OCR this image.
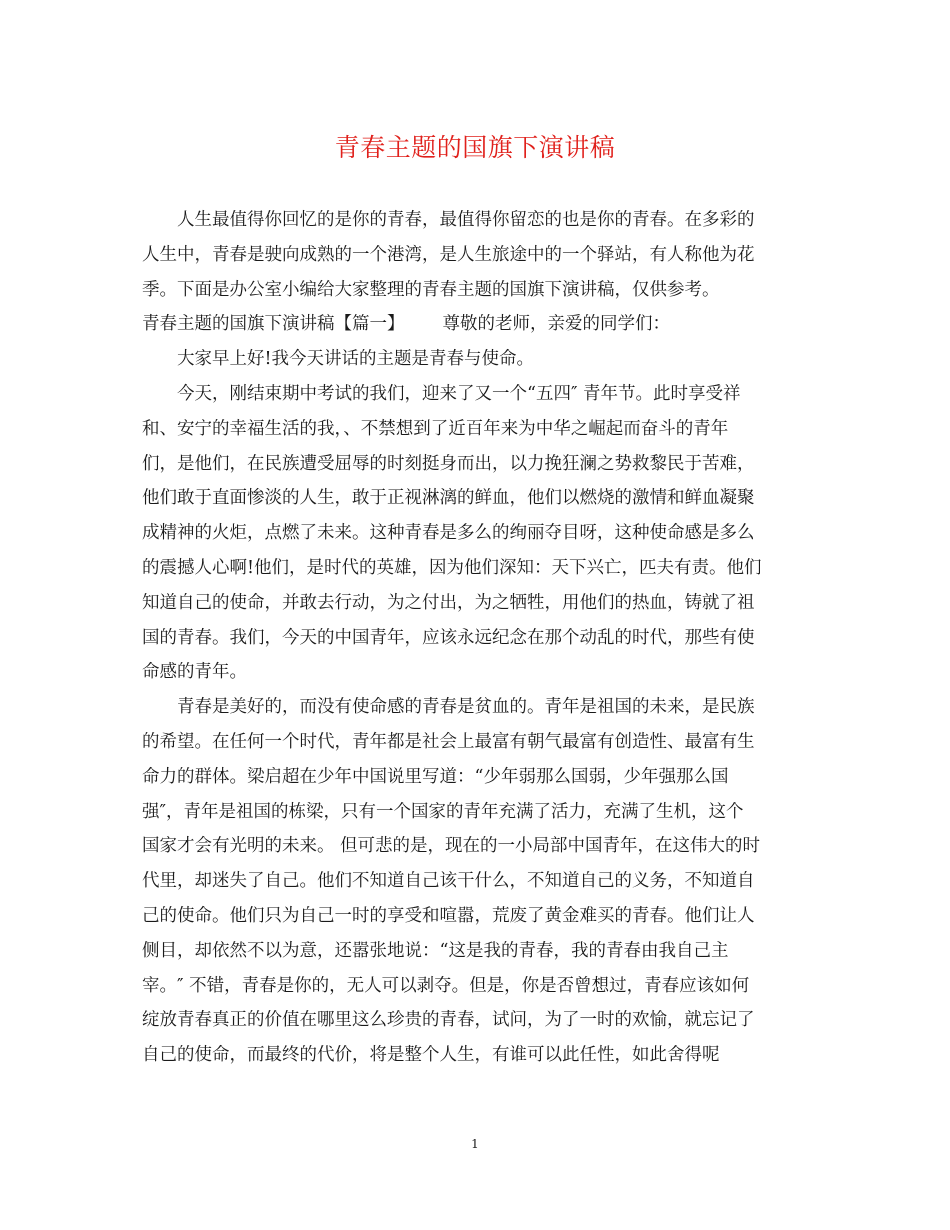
青春主题的国旗下演讲稿
人生最值得你回忆的是你的青春，最值得你留恋的也是你的青春。在多彩的
人生中，青春是驶向成熟的一个港湾，是人生旅途中的一个驿站，有人称他为花
季。下面是办公室小编给大家整理的青春主题的国旗下演讲稿，仅供参考。
青春主题的国旗下演讲稿【篇一】 尊敬的老师，亲爱的同学们：
大家早上好!我今天讲话的主题是青春与使命。
今天，刚结束期中考试的我们，迎来了又一个“五四″ 青年节。此时享受祥
和、安宁的幸福生活的我，、不禁想到了近百年来为中华之崛起而奋斗的青年
们，是他们，在民族遭受屈辱的时刻挺身而出，以力挽狂澜之势救黎民于苦难，
他们敢于直面惨淡的人生，敢于正视淋漓的鲜血，他们以燃烧的激情和鲜血凝聚
成精神的火炬，点燃了未来。这种青春是多么的绚丽夺目呀，这种使命感是多么
的震撼人心啊!他们，是时代的英雄，因为他们深知：天下兴亡，匹夫有责。他们
知道自己的使命，并敢去行动，为之付出，为之牺牲，用他们的热血，铸就了祖
国的青春。我们，今天的中国青年，应该永远纪念在那个动乱的时代，那些有使
命感的青年。
青春是美好的，而没有使命感的青春是贫血的。青年是祖国的未来，是民族
的希望。在任何一个时代，青年都是社会上最富有朝气最富有创造性、最富有生
命力的群体。梁启超在少年中国说里写道：“少年弱那么国弱，少年强那么国
强″，青年是祖国的栋梁，只有一个国家的青年充满了活力，充满了生机，这个
国家才会有光明的未来。 但可悲的是，现在的一小局部中国青年，在这伟大的时
代里，却迷失了自己。他们不知道自己该干什么，不知道自己的义务，不知道自
己的使命。他们只为自己一时的享受和喧嚣，荒废了黄金难买的青春。他们让人
侧目，却依然不以为意，还嚣张地说：“这是我的青春，我的青春由我自己主
宰。″ 不错，青春是你的，无人可以剥夺。但是，你是否曾想过，青春应该如何
绽放青春真正的价值在哪里这么珍贵的青春，试问，为了一时的欢愉，就忘记了
自己的使命，而最终的代价，将是整个人生，有谁可以此任性，如此舍得呢
1
